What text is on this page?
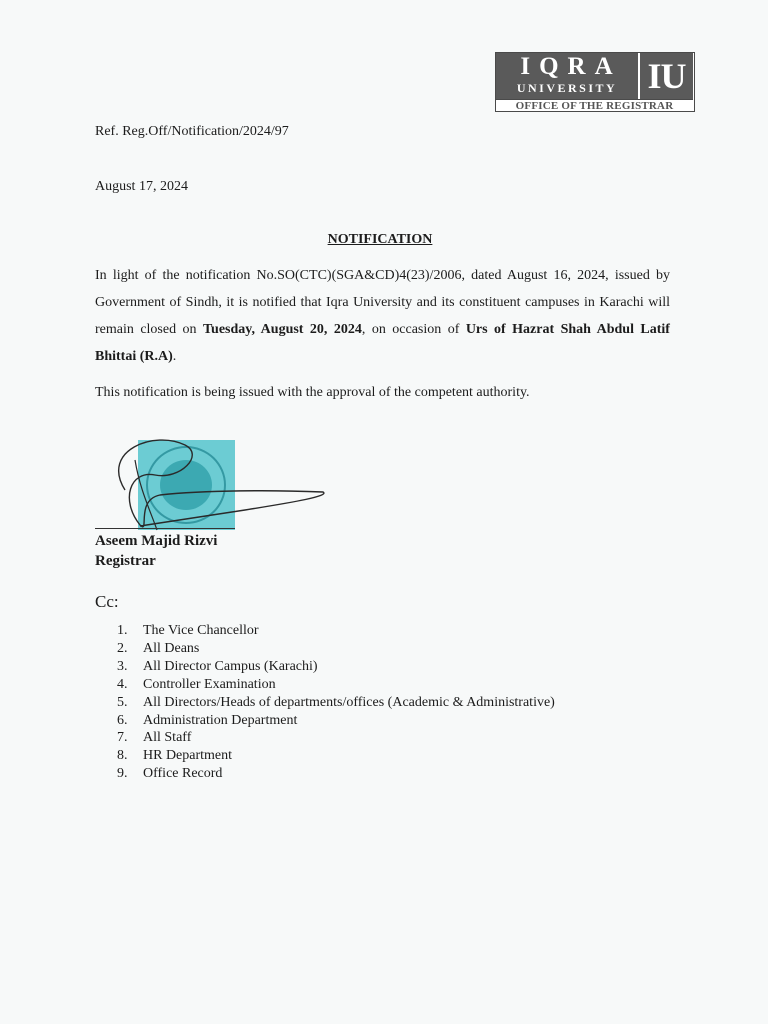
IQRA
UNIVERSITY IU
OFFICE OF THE REGISTRAR
Ref. Reg.Off/Notification/2024/97
August 17, 2024
NOTIFICATION
In light of the notification No.SO(CTC)(SGA&CD)4(23)/2006, dated August 16, 2024, issued by Government of Sindh, it is notified that Iqra University and its constituent campuses in Karachi will remain closed on Tuesday, August 20, 2024, on occasion of Urs of Hazrat Shah Abdul Latif Bhittai (R.A).
This notification is being issued with the approval of the competent authority.
Aseem Majid Rizvi
Registrar
Cc:
1. The Vice Chancellor
2. All Deans
3. All Director Campus (Karachi)
4. Controller Examination
5. All Directors/Heads of departments/offices (Academic & Administrative)
6. Administration Department
7. All Staff
8. HR Department
9. Office Record
